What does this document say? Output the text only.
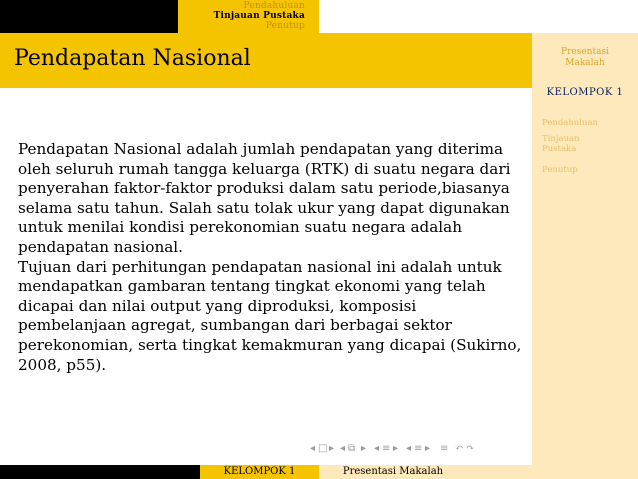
Pendahuluan
Tinjauan Pustaka
Penutup
Pendapatan Nasional	Presentasi
Makalah
KELOMPOK 1
Pendahuluan
Tinjauan
Pustaka
Penutup

Pendapatan Nasional adalah jumlah pendapatan yang diterima oleh seluruh rumah tangga keluarga (RTK) di suatu negara dari penyerahan faktor-faktor produksi dalam satu periode,biasanya selama satu tahun. Salah satu tolak ukur yang dapat digunakan untuk menilai kondisi perekonomian suatu negara adalah pendapatan nasional.

Tujuan dari perhitungan pendapatan nasional ini adalah untuk mendapatkan gambaran tentang tingkat ekonomi yang telah dicapai dan nilai output yang diproduksi, komposisi pembelanjaan agregat, sumbangan dari berbagai sektor perekonomian, serta tingkat kemakmuran yang dicapai (Sukirno, 2008, p55).

◂ □ ▸ ◂ ⧉ ▸ ◂ ≡ ▸ ◂ ≡ ▸ ≡ ↶ ↷
KELOMPOK 1	Presentasi Makalah
